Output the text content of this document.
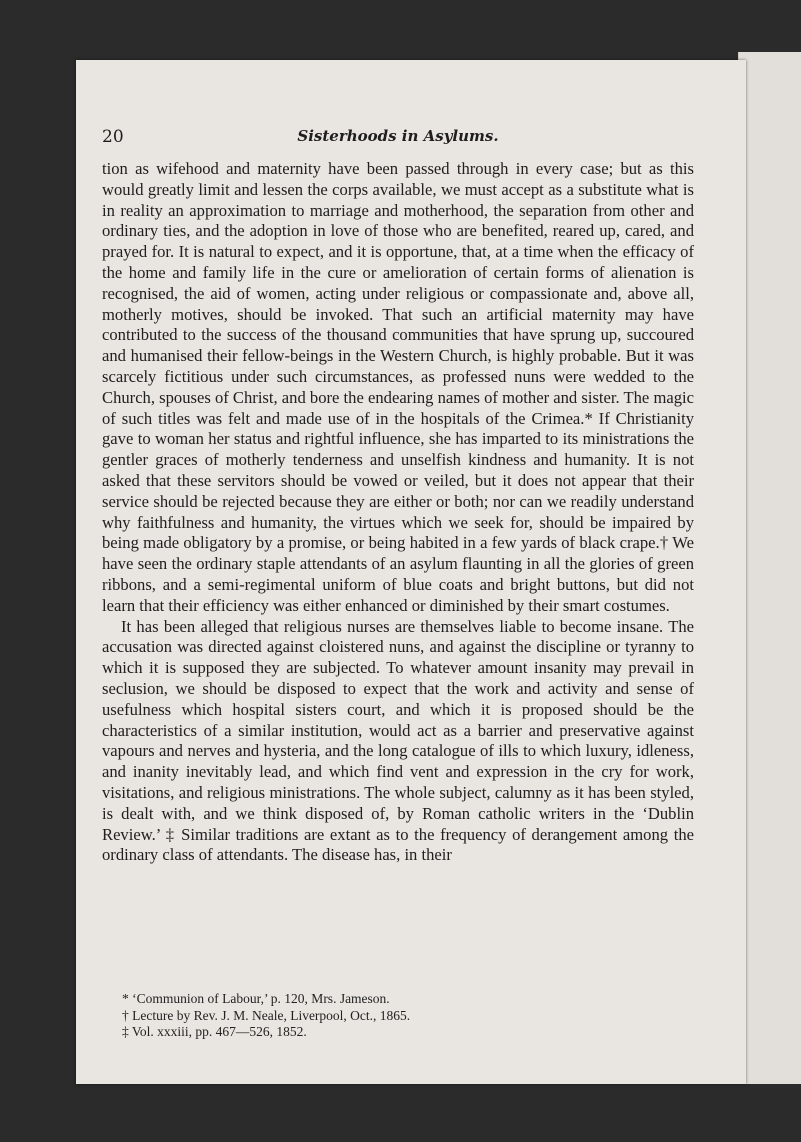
20	Sisterhoods in Asylums.

tion as wifehood and maternity have been passed through in every case; but as this would greatly limit and lessen the corps available, we must accept as a substitute what is in reality an approximation to marriage and motherhood, the separation from other and ordinary ties, and the adoption in love of those who are benefited, reared up, cared, and prayed for. It is natural to expect, and it is opportune, that, at a time when the efficacy of the home and family life in the cure or amelioration of certain forms of alienation is recognised, the aid of women, acting under religious or compassionate and, above all, motherly motives, should be invoked. That such an artificial maternity may have contributed to the success of the thousand communities that have sprung up, succoured and humanised their fellow-beings in the Western Church, is highly probable. But it was scarcely fictitious under such circumstances, as professed nuns were wedded to the Church, spouses of Christ, and bore the endearing names of mother and sister. The magic of such titles was felt and made use of in the hospitals of the Crimea.* If Christianity gave to woman her status and rightful influence, she has imparted to its ministrations the gentler graces of motherly tenderness and unselfish kindness and humanity. It is not asked that these servitors should be vowed or veiled, but it does not appear that their service should be rejected because they are either or both; nor can we readily understand why faithfulness and humanity, the virtues which we seek for, should be impaired by being made obligatory by a promise, or being habited in a few yards of black crape.† We have seen the ordinary staple attendants of an asylum flaunting in all the glories of green ribbons, and a semi-regimental uniform of blue coats and bright buttons, but did not learn that their efficiency was either enhanced or diminished by their smart costumes.

It has been alleged that religious nurses are themselves liable to become insane. The accusation was directed against cloistered nuns, and against the discipline or tyranny to which it is supposed they are subjected. To whatever amount insanity may prevail in seclusion, we should be disposed to expect that the work and activity and sense of usefulness which hospital sisters court, and which it is proposed should be the characteristics of a similar institution, would act as a barrier and preservative against vapours and nerves and hysteria, and the long catalogue of ills to which luxury, idleness, and inanity inevitably lead, and which find vent and expression in the cry for work, visitations, and religious ministrations. The whole subject, calumny as it has been styled, is dealt with, and we think disposed of, by Roman catholic writers in the ‘Dublin Review.’ ‡ Similar traditions are extant as to the frequency of derangement among the ordinary class of attendants. The disease has, in their

* ‘Communion of Labour,’ p. 120, Mrs. Jameson.

† Lecture by Rev. J. M. Neale, Liverpool, Oct., 1865.

‡ Vol. xxxiii, pp. 467—526, 1852.
